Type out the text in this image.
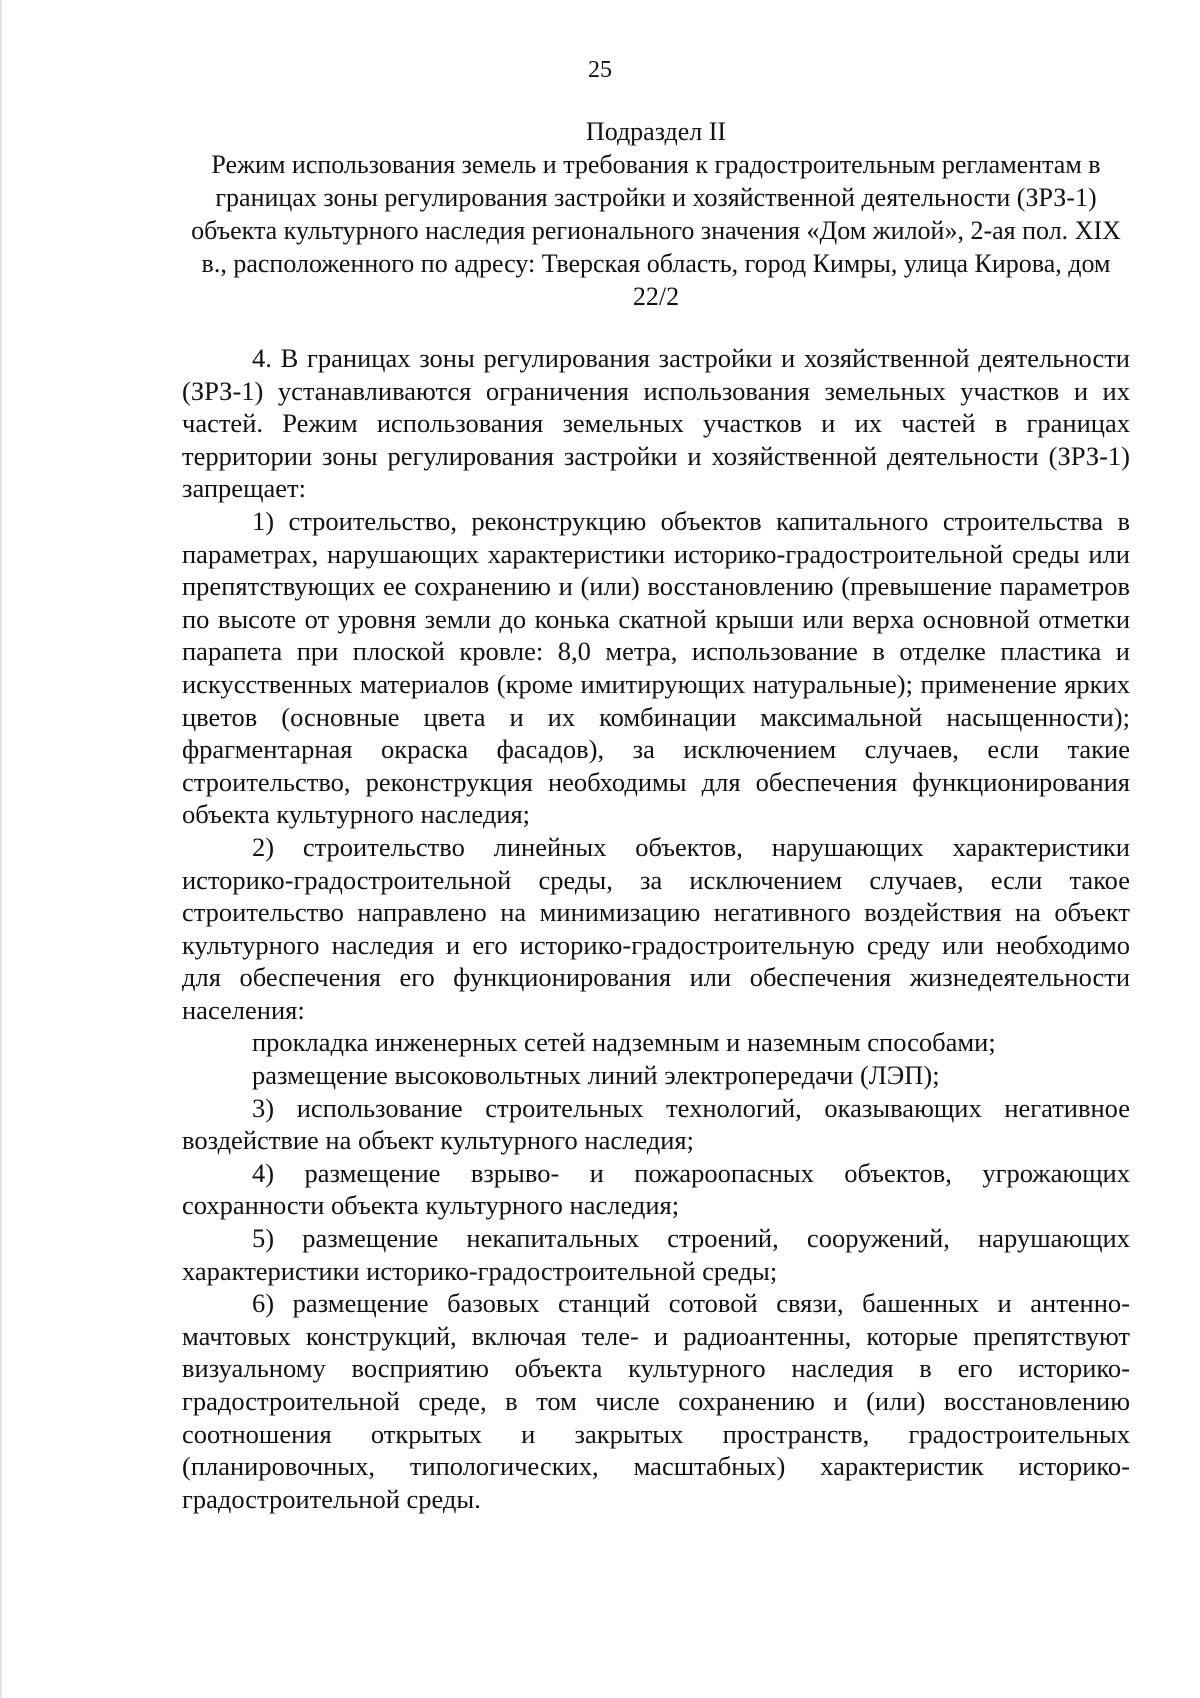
25
Подраздел II
Режим использования земель и требования к градостроительным регламентам в границах зоны регулирования застройки и хозяйственной деятельности (ЗРЗ-1) объекта культурного наследия регионального значения «Дом жилой», 2-ая пол. XIX в., расположенного по адресу: Тверская область, город Кимры, улица Кирова, дом 22/2

4. В границах зоны регулирования застройки и хозяйственной деятельности (ЗРЗ-1) устанавливаются ограничения использования земельных участков и их частей. Режим использования земельных участков и их частей в границах территории зоны регулирования застройки и хозяйственной деятельности (ЗРЗ-1) запрещает:

1) строительство, реконструкцию объектов капитального строительства в параметрах, нарушающих характеристики историко-градостроительной среды или препятствующих ее сохранению и (или) восстановлению (превышение параметров по высоте от уровня земли до конька скатной крыши или верха основной отметки парапета при плоской кровле: 8,0 метра, использование в отделке пластика и искусственных материалов (кроме имитирующих натуральные); применение ярких цветов (основные цвета и их комбинации максимальной насыщенности); фрагментарная окраска фасадов), за исключением случаев, если такие строительство, реконструкция необходимы для обеспечения функционирования объекта культурного наследия;

2) строительство линейных объектов, нарушающих характеристики историко-градостроительной среды, за исключением случаев, если такое строительство направлено на минимизацию негативного воздействия на объект культурного наследия и его историко-градостроительную среду или необходимо для обеспечения его функционирования или обеспечения жизнедеятельности населения:

прокладка инженерных сетей надземным и наземным способами;

размещение высоковольтных линий электропередачи (ЛЭП);

3) использование строительных технологий, оказывающих негативное воздействие на объект культурного наследия;

4) размещение взрыво- и пожароопасных объектов, угрожающих сохранности объекта культурного наследия;

5) размещение некапитальных строений, сооружений, нарушающих характеристики историко-градостроительной среды;

6) размещение базовых станций сотовой связи, башенных и антенно-мачтовых конструкций, включая теле- и радиоантенны, которые препятствуют визуальному восприятию объекта культурного наследия в его историко-градостроительной среде, в том числе сохранению и (или) восстановлению соотношения открытых и закрытых пространств, градостроительных (планировочных, типологических, масштабных) характеристик историко-градостроительной среды.
